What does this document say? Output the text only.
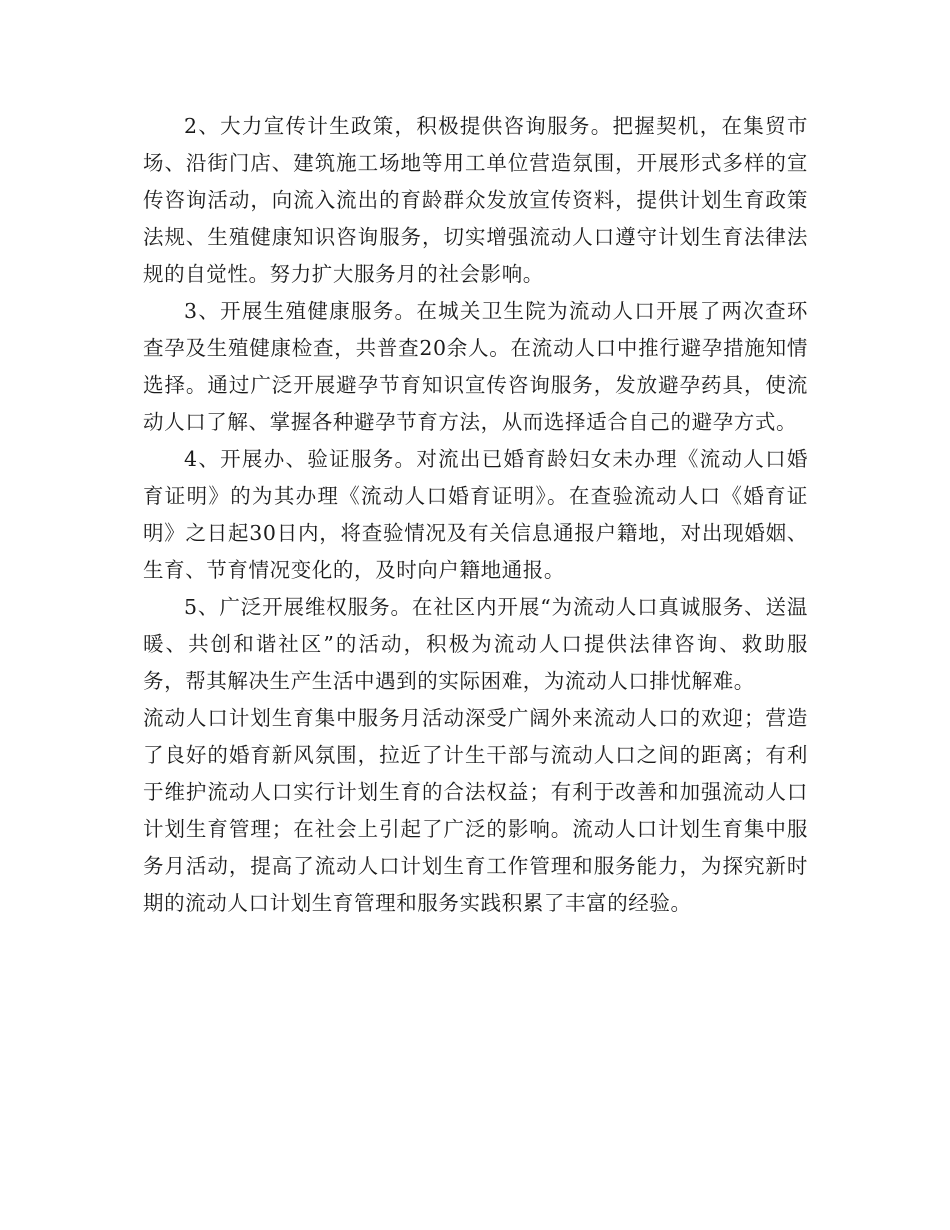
2、大力宣传计生政策，积极提供咨询服务。把握契机，在集贸市场、沿街门店、建筑施工场地等用工单位营造氛围，开展形式多样的宣传咨询活动，向流入流出的育龄群众发放宣传资料，提供计划生育政策法规、生殖健康知识咨询服务，切实增强流动人口遵守计划生育法律法规的自觉性。努力扩大服务月的社会影响。

3、开展生殖健康服务。在城关卫生院为流动人口开展了两次查环查孕及生殖健康检查，共普查20余人。在流动人口中推行避孕措施知情选择。通过广泛开展避孕节育知识宣传咨询服务，发放避孕药具，使流动人口了解、掌握各种避孕节育方法，从而选择适合自己的避孕方式。

4、开展办、验证服务。对流出已婚育龄妇女未办理《流动人口婚育证明》的为其办理《流动人口婚育证明》。在查验流动人口《婚育证明》之日起30日内，将查验情况及有关信息通报户籍地，对出现婚姻、生育、节育情况变化的，及时向户籍地通报。

5、广泛开展维权服务。在社区内开展“为流动人口真诚服务、送温暖、共创和谐社区”的活动，积极为流动人口提供法律咨询、救助服务，帮其解决生产生活中遇到的实际困难，为流动人口排忧解难。

流动人口计划生育集中服务月活动深受广阔外来流动人口的欢迎；营造了良好的婚育新风氛围，拉近了计生干部与流动人口之间的距离；有利于维护流动人口实行计划生育的合法权益；有利于改善和加强流动人口计划生育管理；在社会上引起了广泛的影响。流动人口计划生育集中服务月活动，提高了流动人口计划生育工作管理和服务能力，为探究新时期的流动人口计划生育管理和服务实践积累了丰富的经验。
